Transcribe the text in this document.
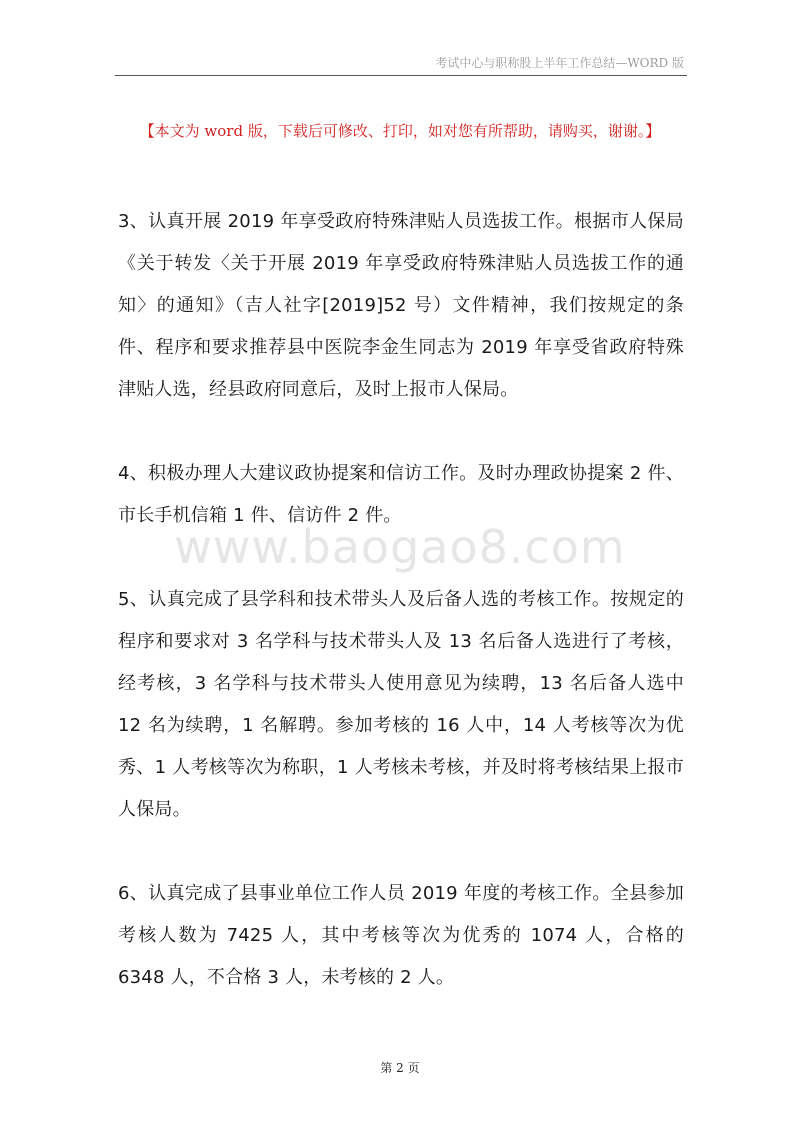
考试中心与职称股上半年工作总结—WORD 版
【本文为 word 版，下载后可修改、打印，如对您有所帮助，请购买，谢谢。】
www.baogao8.com

3、认真开展 2019 年享受政府特殊津贴人员选拔工作。根据市人保局《关于转发〈关于开展 2019 年享受政府特殊津贴人员选拔工作的通知〉的通知》（吉人社字[2019]52 号）文件精神，我们按规定的条件、程序和要求推荐县中医院李金生同志为 2019 年享受省政府特殊津贴人选，经县政府同意后，及时上报市人保局。

4、积极办理人大建议政协提案和信访工作。及时办理政协提案 2 件、市长手机信箱 1 件、信访件 2 件。

5、认真完成了县学科和技术带头人及后备人选的考核工作。按规定的程序和要求对 3 名学科与技术带头人及 13 名后备人选进行了考核，经考核，3 名学科与技术带头人使用意见为续聘，13 名后备人选中 12 名为续聘，1 名解聘。参加考核的 16 人中，14 人考核等次为优秀、1 人考核等次为称职，1 人考核未考核，并及时将考核结果上报市人保局。

6、认真完成了县事业单位工作人员 2019 年度的考核工作。全县参加考核人数为 7425 人，其中考核等次为优秀的 1074 人，合格的 6348 人，不合格 3 人，未考核的 2 人。

第 2 页
